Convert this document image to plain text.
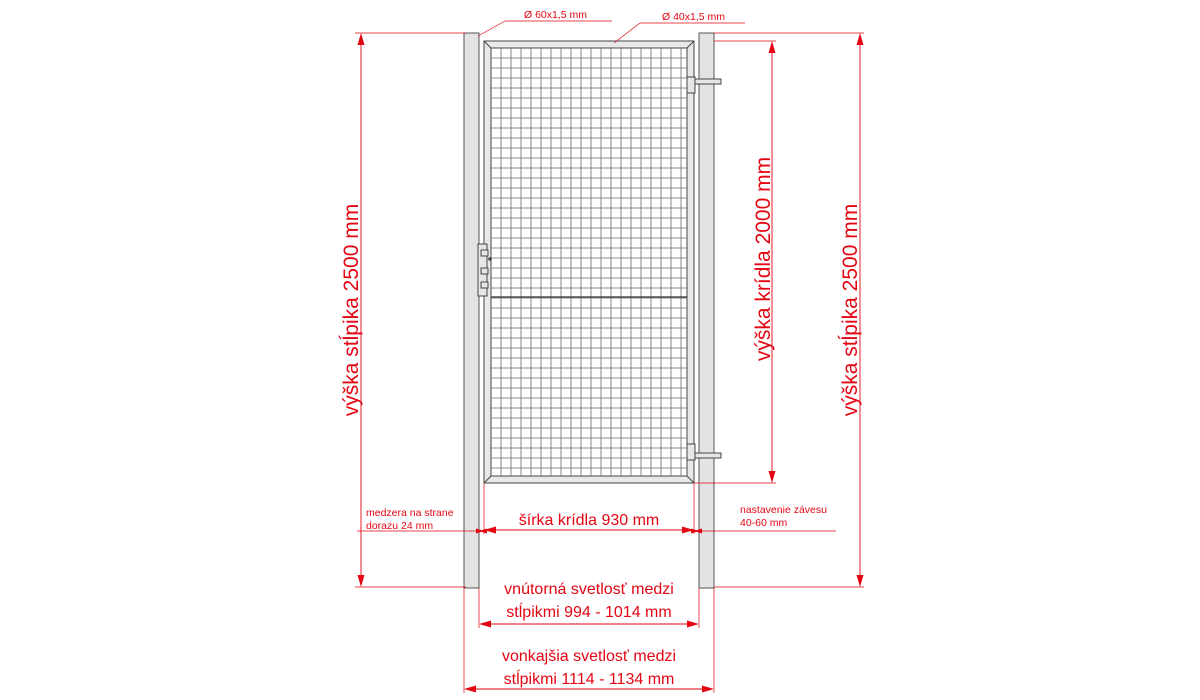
Ø 60x1,5 mm	Ø 40x1,5 mm
výška stĺpika 2500 mm	výška stĺpika 2500 mm
výška krídla 2000 mm
šírka krídla 930 mm
medzera na strane
dorazu 24 mm
nastavenie závesu
40-60 mm
vnútorná svetlosť medzi
stĺpikmi 994 - 1014 mm
vonkajšia svetlosť medzi
stĺpikmi 1114 - 1134 mm
